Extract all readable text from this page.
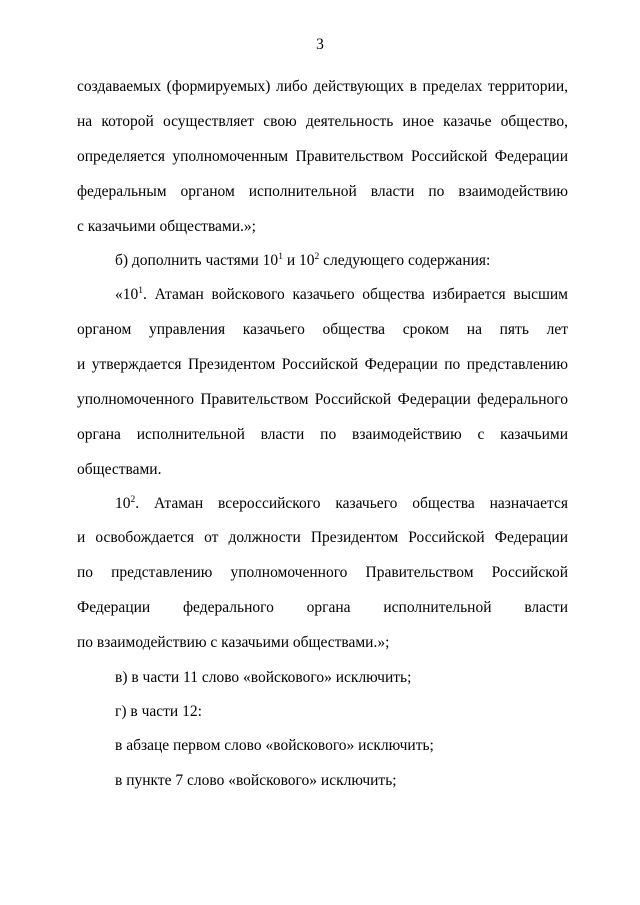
3
создаваемых (формируемых) либо действующих в пределах территории,
на которой осуществляет свою деятельность иное казачье общество,
определяется уполномоченным Правительством Российской Федерации
федеральным органом исполнительной власти по взаимодействию
с казачьими обществами.»;
б) дополнить частями $10^1$ и $10^2$ следующего содержания:
«$10^1$. Атаман войскового казачьего общества избирается высшим
органом управления казачьего общества сроком на пять лет
и утверждается Президентом Российской Федерации по представлению
уполномоченного Правительством Российской Федерации федерального
органа исполнительной власти по взаимодействию с казачьими
обществами.
$10^2$. Атаман всероссийского казачьего общества назначается
и освобождается от должности Президентом Российской Федерации
по представлению уполномоченного Правительством Российской
Федерации федерального органа исполнительной власти
по взаимодействию с казачьими обществами.»;
в) в части 11 слово «войскового» исключить;
г) в части 12:
в абзаце первом слово «войскового» исключить;
в пункте 7 слово «войскового» исключить;
